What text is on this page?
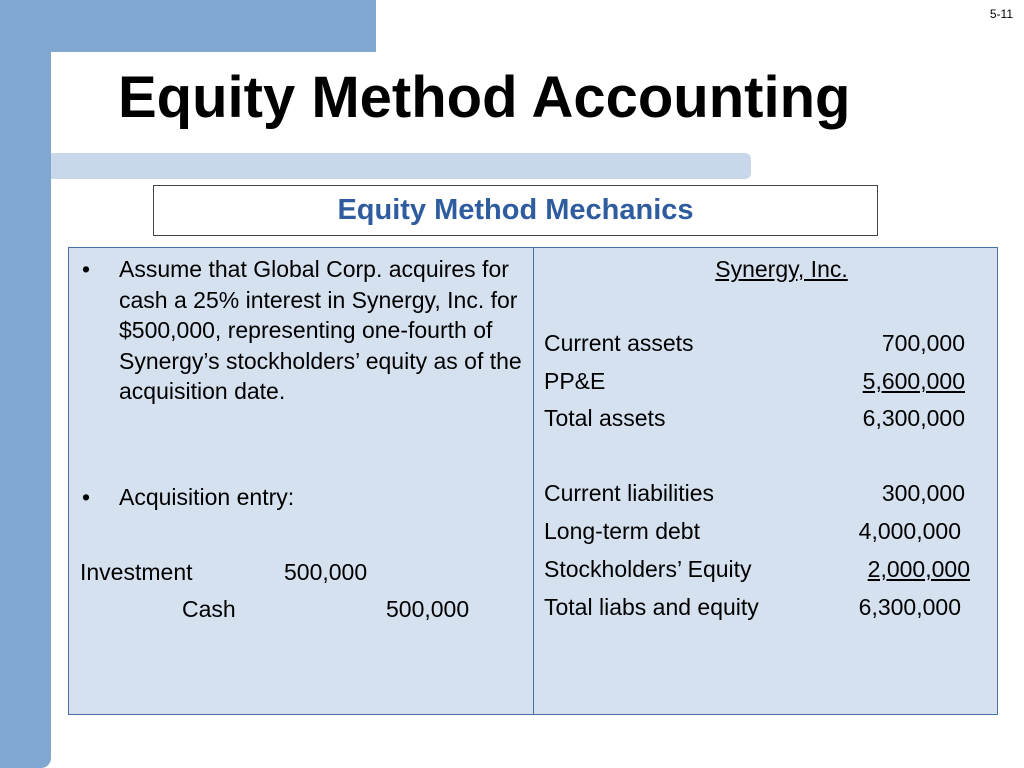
5-11
Equity Method Accounting
Equity Method Mechanics
• Assume that Global Corp. acquires for cash a 25% interest in Synergy, Inc. for $500,000, representing one-fourth of Synergy’s stockholders’ equity as of the acquisition date.
• Acquisition entry:
Investment	500,000
Cash	500,000
Synergy, Inc.
Current assets	700,000
PP&E	5,600,000
Total assets	6,300,000
Current liabilities	300,000
Long-term debt	4,000,000
Stockholders’ Equity	2,000,000
Total liabs and equity	6,300,000
